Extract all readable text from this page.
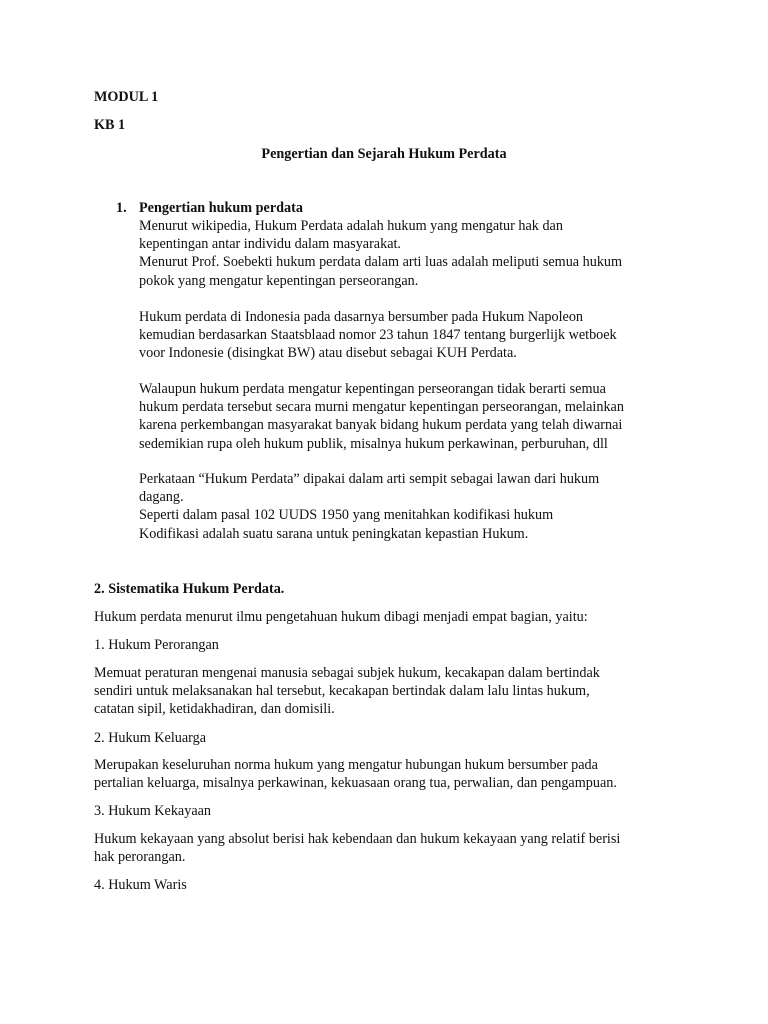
MODUL 1
KB 1
Pengertian dan Sejarah Hukum Perdata
1. Pengertian hukum perdata
Menurut wikipedia, Hukum Perdata adalah hukum yang mengatur hak dan
kepentingan antar individu dalam masyarakat.
Menurut Prof. Soebekti hukum perdata dalam arti luas adalah meliputi semua hukum
pokok yang mengatur kepentingan perseorangan.
Hukum perdata di Indonesia pada dasarnya bersumber pada Hukum Napoleon
kemudian berdasarkan Staatsblaad nomor 23 tahun 1847 tentang burgerlijk wetboek
voor Indonesie (disingkat BW) atau disebut sebagai KUH Perdata.
Walaupun hukum perdata mengatur kepentingan perseorangan tidak berarti semua
hukum perdata tersebut secara murni mengatur kepentingan perseorangan, melainkan
karena perkembangan masyarakat banyak bidang hukum perdata yang telah diwarnai
sedemikian rupa oleh hukum publik, misalnya hukum perkawinan, perburuhan, dll
Perkataan “Hukum Perdata” dipakai dalam arti sempit sebagai lawan dari hukum
dagang.
Seperti dalam pasal 102 UUDS 1950 yang menitahkan kodifikasi hukum
Kodifikasi adalah suatu sarana untuk peningkatan kepastian Hukum.
2. Sistematika Hukum Perdata.
Hukum perdata menurut ilmu pengetahuan hukum dibagi menjadi empat bagian, yaitu:
1. Hukum Perorangan
Memuat peraturan mengenai manusia sebagai subjek hukum, kecakapan dalam bertindak
sendiri untuk melaksanakan hal tersebut, kecakapan bertindak dalam lalu lintas hukum,
catatan sipil, ketidakhadiran, dan domisili.
2. Hukum Keluarga
Merupakan keseluruhan norma hukum yang mengatur hubungan hukum bersumber pada
pertalian keluarga, misalnya perkawinan, kekuasaan orang tua, perwalian, dan pengampuan.
3. Hukum Kekayaan
Hukum kekayaan yang absolut berisi hak kebendaan dan hukum kekayaan yang relatif berisi
hak perorangan.
4. Hukum Waris
